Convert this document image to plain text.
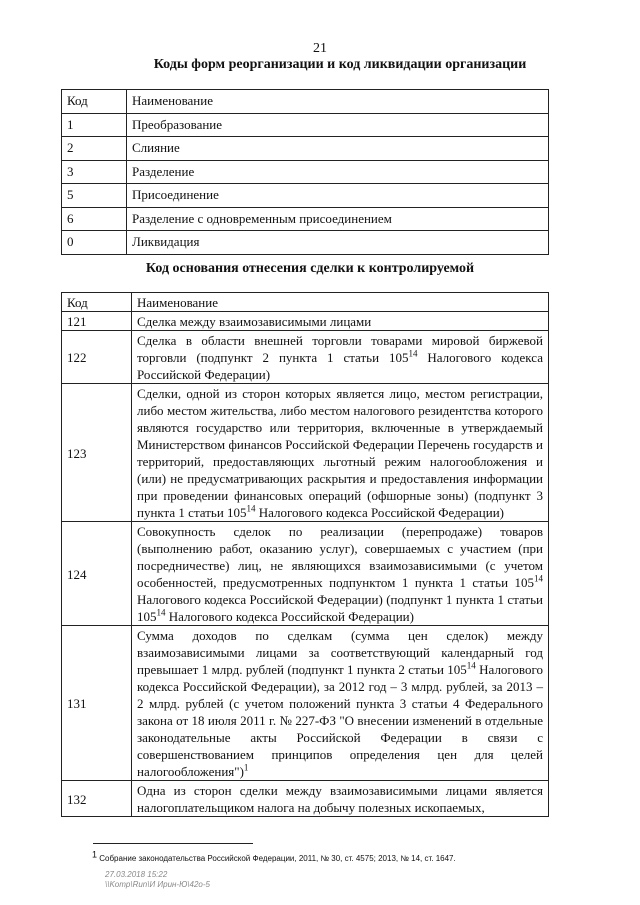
21
Коды форм реорганизации и код ликвидации организации
Код	Наименование
1	Преобразование
2	Слияние
3	Разделение
5	Присоединение
6	Разделение с одновременным присоединением
0	Ликвидация
Код основания отнесения сделки к контролируемой
Код	Наименование
121	Сделка между взаимозависимыми лицами
122	Сделка в области внешней торговли товарами мировой биржевой торговли (подпункт 2 пункта 1 статьи $105^{14}$ Налогового кодекса Российской Федерации)
123	Сделки, одной из сторон которых является лицо, местом регистрации, либо местом жительства, либо местом налогового резидентства которого являются государство или территория, включенные в утверждаемый Министерством финансов Российской Федерации Перечень государств и территорий, предоставляющих льготный режим налогообложения и (или) не предусматривающих раскрытия и предоставления информации при проведении финансовых операций (офшорные зоны) (подпункт 3 пункта 1 статьи $105^{14}$ Налогового кодекса Российской Федерации)
124	Совокупность сделок по реализации (перепродаже) товаров (выполнению работ, оказанию услуг), совершаемых с участием (при посредничестве) лиц, не являющихся взаимозависимыми (с учетом особенностей, предусмотренных подпунктом 1 пункта 1 статьи $105^{14}$ Налогового кодекса Российской Федерации) (подпункт 1 пункта 1 статьи $105^{14}$ Налогового кодекса Российской Федерации)
131	Сумма доходов по сделкам (сумма цен сделок) между взаимозависимыми лицами за соответствующий календарный год превышает 1 млрд. рублей (подпункт 1 пункта 2 статьи $105^{14}$ Налогового кодекса Российской Федерации), за 2012 год – 3 млрд. рублей, за 2013 – 2 млрд. рублей (с учетом положений пункта 3 статьи 4 Федерального закона от 18 июля 2011 г. № 227-ФЗ "О внесении изменений в отдельные законодательные акты Российской Федерации в связи с совершенствованием принципов определения цен для целей налогообложения")$^1$
132	Одна из сторон сделки между взаимозависимыми лицами является налогоплательщиком налога на добычу полезных ископаемых,
$^1$ Собрание законодательства Российской Федерации, 2011, № 30, ст. 4575; 2013, № 14, ст. 1647.
27.03.2018 15:22
\\Komp\Run\И Ирин-Ю\42о-5
